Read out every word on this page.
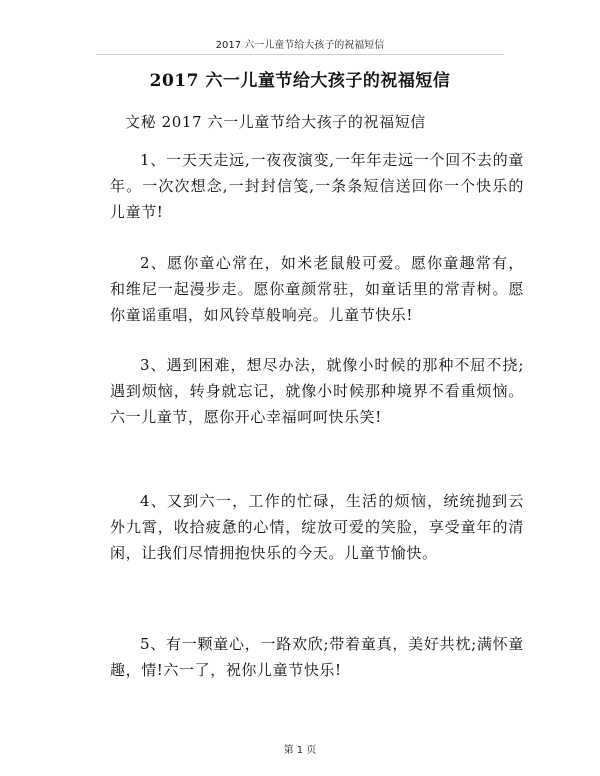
2017 六一儿童节给大孩子的祝福短信
2017 六一儿童节给大孩子的祝福短信
文秘 2017 六一儿童节给大孩子的祝福短信

1、一天天走远,一夜夜演变,一年年走远一个回不去的童年。一次次想念,一封封信笺,一条条短信送回你一个快乐的儿童节!

2、愿你童心常在，如米老鼠般可爱。愿你童趣常有，和维尼一起漫步走。愿你童颜常驻，如童话里的常青树。愿你童谣重唱，如风铃草般响亮。儿童节快乐!

3、遇到困难，想尽办法，就像小时候的那种不屈不挠;遇到烦恼，转身就忘记，就像小时候那种境界不看重烦恼。六一儿童节，愿你开心幸福呵呵快乐笑!

4、又到六一，工作的忙碌，生活的烦恼，统统抛到云外九霄，收拾疲惫的心情，绽放可爱的笑脸，享受童年的清闲，让我们尽情拥抱快乐的今天。儿童节愉快。

5、有一颗童心，一路欢欣;带着童真，美好共枕;满怀童趣，情!六一了，祝你儿童节快乐!

第 1 页
